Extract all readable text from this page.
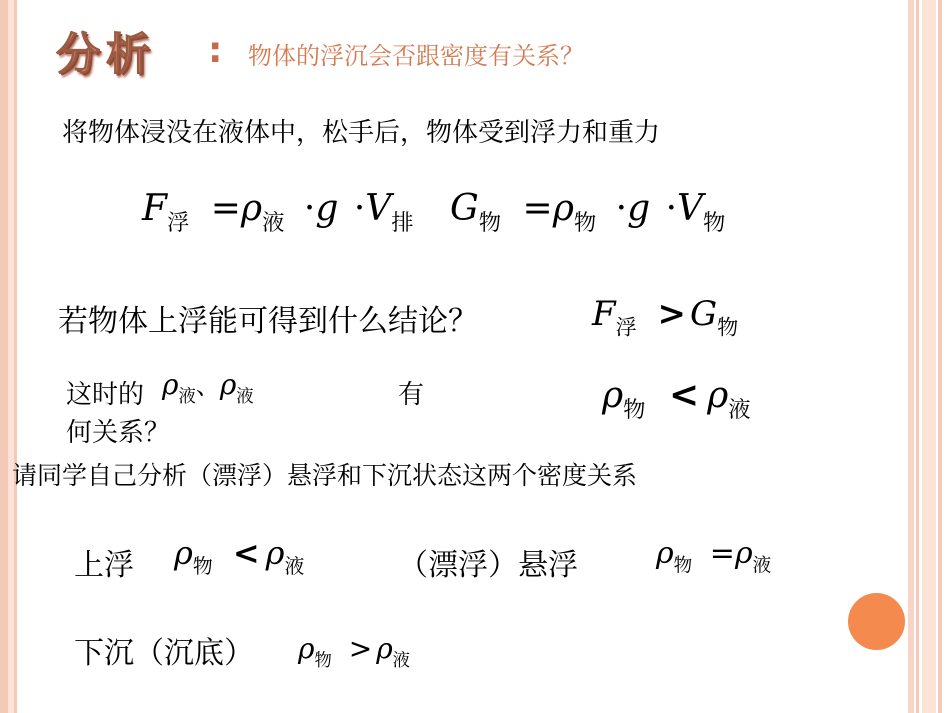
分析 : 物体的浮沉会否跟密度有关系？
将物体浸没在液体中，松手后，物体受到浮力和重力
$F_浮 =\rho_液 \cdot g \cdot V_排$ $G_物 =\rho_物 \cdot g \cdot V_物$
若物体上浮能可得到什么结论？	$F_浮 > G_物$
这时的 $\rho_液$、$\rho_液$	有
何关系？
$\rho_物 < \rho_液$
请同学自己分析（漂浮）悬浮和下沉状态这两个密度关系
上浮 $\rho_物 < \rho_液$	（漂浮）悬浮	$\rho_物 =\rho_液$
下沉（沉底） $\rho_物 > \rho_液$
